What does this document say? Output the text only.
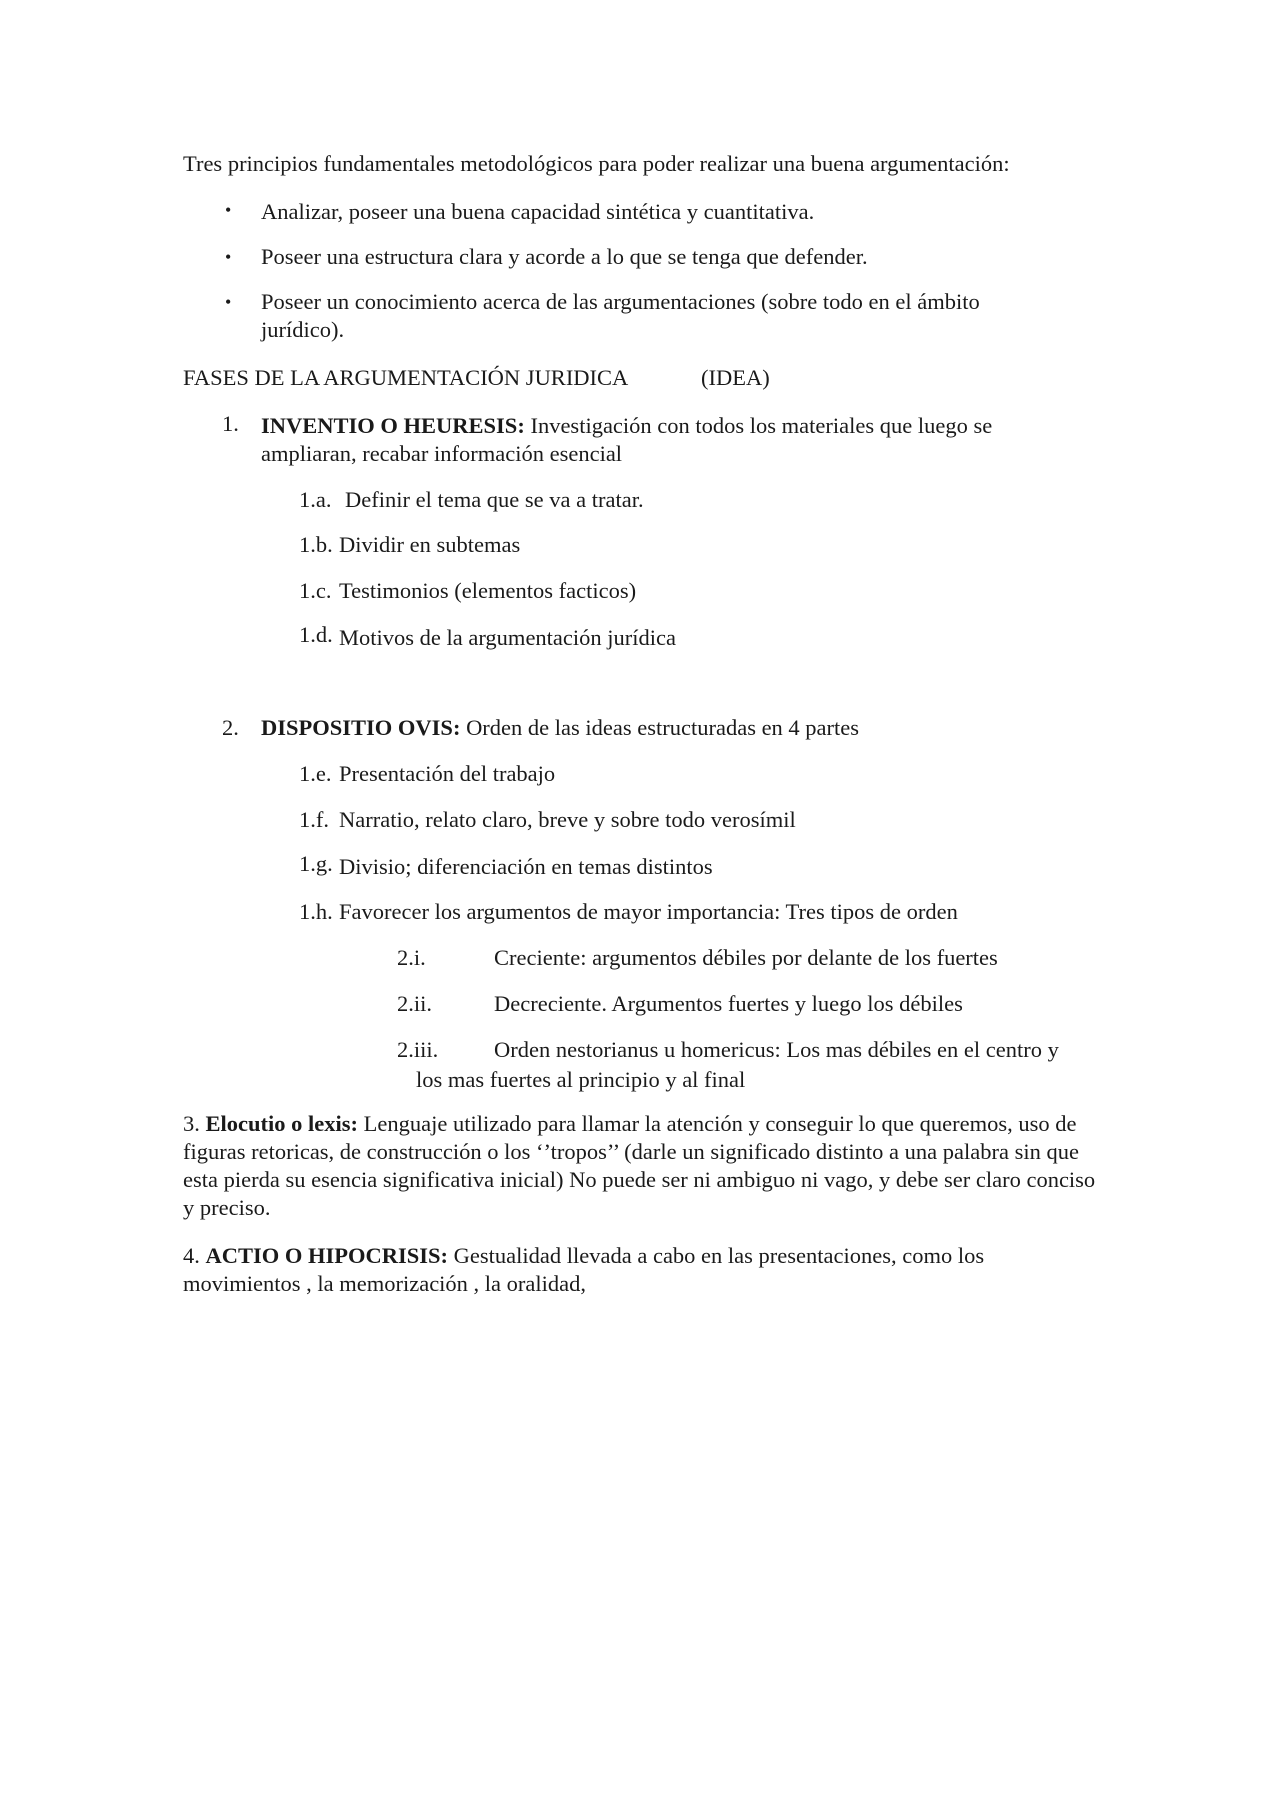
Tres principios fundamentales metodológicos para poder realizar una buena argumentación:
• Analizar, poseer una buena capacidad sintética y cuantitativa.
• Poseer una estructura clara y acorde a lo que se tenga que defender.
• Poseer un conocimiento acerca de las argumentaciones (sobre todo en el ámbito jurídico).
FASES DE LA ARGUMENTACIÓN JURIDICA	(IDEA)
1. INVENTIO O HEURESIS: Investigación con todos los materiales que luego se ampliaran, recabar información esencial
1.a. Definir el tema que se va a tratar.
1.b. Dividir en subtemas
1.c. Testimonios (elementos facticos)
1.d. Motivos de la argumentación jurídica
2. DISPOSITIO OVIS: Orden de las ideas estructuradas en 4 partes
1.e. Presentación del trabajo
1.f. Narratio, relato claro, breve y sobre todo verosímil
1.g. Divisio; diferenciación en temas distintos
1.h. Favorecer los argumentos de mayor importancia: Tres tipos de orden
2.i.	Creciente: argumentos débiles por delante de los fuertes
2.ii.	Decreciente. Argumentos fuertes y luego los débiles
2.iii. Orden nestorianus u homericus: Los mas débiles en el centro y
los mas fuertes al principio y al final
3. Elocutio o lexis: Lenguaje utilizado para llamar la atención y conseguir lo que queremos, uso de figuras retoricas, de construcción o los ‘’tropos’’ (darle un significado distinto a una palabra sin que esta pierda su esencia significativa inicial) No puede ser ni ambiguo ni vago, y debe ser claro conciso y preciso.
4. ACTIO O HIPOCRISIS: Gestualidad llevada a cabo en las presentaciones, como los movimientos , la memorización , la oralidad,
